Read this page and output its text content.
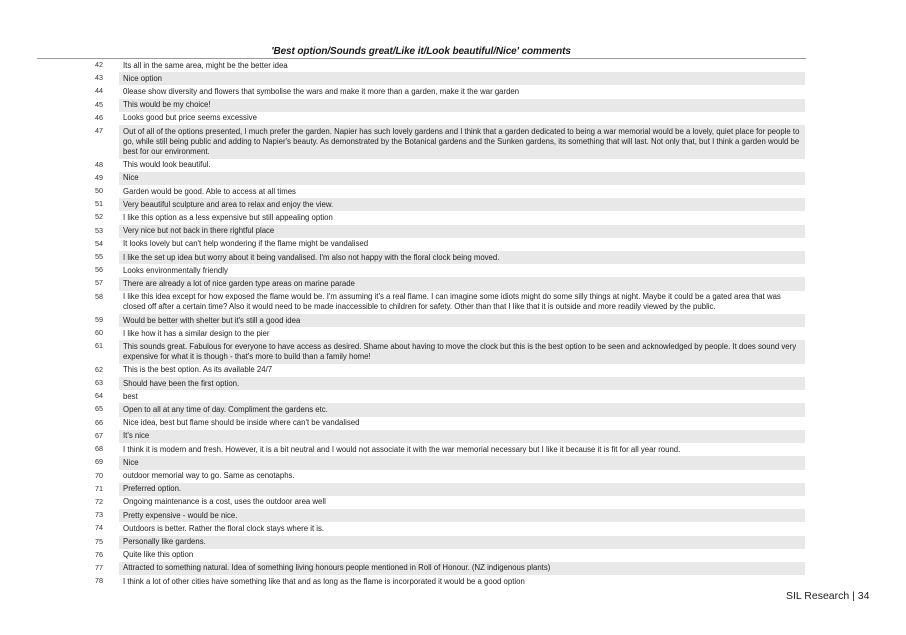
'Best option/Sounds great/Like it/Look beautiful/Nice' comments
42	Its all in the same area, might be the better idea
43	Nice option
44	0lease show diversity and flowers that symbolise the wars and make it more than a garden, make it the war garden
45	This would be my choice!
46	Looks good but price seems excessive
47	Out of all of the options presented, I much prefer the garden. Napier has such lovely gardens and I think that a garden dedicated to being a war memorial would be a lovely, quiet place for people to go, while still being public and adding to Napier's beauty. As demonstrated by the Botanical gardens and the Sunken gardens, its something that will last. Not only that, but I think a garden would be best for our environment.
48	This would look beautiful.
49	Nice
50	Garden would be good. Able to access at all times
51	Very beautiful sculpture and area to relax and enjoy the view.
52	I like this option as a less expensive but still appealing option
53	Very nice but not back in there rightful place
54	It looks lovely but can't help wondering if the flame might be vandalised
55	I like the set up idea but worry about it being vandalised. I'm also not happy with the floral clock being moved.
56	Looks environmentally friendly
57	There are already a lot of nice garden type areas on marine parade
58	I like this idea except for how exposed the flame would be. I'm assuming it's a real flame. I can imagine some idiots might do some silly things at night. Maybe it could be a gated area that was closed off after a certain time? Also it would need to be made inaccessible to children for safety. Other than that I like that it is outside and more readily viewed by the public.
59	Would be better with shelter but it's still a good idea
60	I like how it has a similar design to the pier
61	This sounds great. Fabulous for everyone to have access as desired. Shame about having to move the clock but this is the best option to be seen and acknowledged by people. It does sound very expensive for what it is though - that's more to build than a family home!
62	This is the best option. As its available 24/7
63	Should have been the first option.
64	best
65	Open to all at any time of day. Compliment the gardens etc.
66	Nice idea, best but flame should be inside where can't be vandalised
67	It's nice
68	I think it is modern and fresh. However, it is a bit neutral and I would not associate it with the war memorial necessary but I like it because it is fit for all year round.
69	Nice
70	outdoor memorial way to go. Same as cenotaphs.
71	Preferred option.
72	Ongoing maintenance is a cost, uses the outdoor area well
73	Pretty expensive - would be nice.
74	Outdoors is better. Rather the floral clock stays where it is.
75	Personally like gardens.
76	Quite like this option
77	Attracted to something natural. Idea of something living honours people mentioned in Roll of Honour. (NZ indigenous plants)
78	I think a lot of other cities have something like that and as long as the flame is incorporated it would be a good option
SIL Research | 34
